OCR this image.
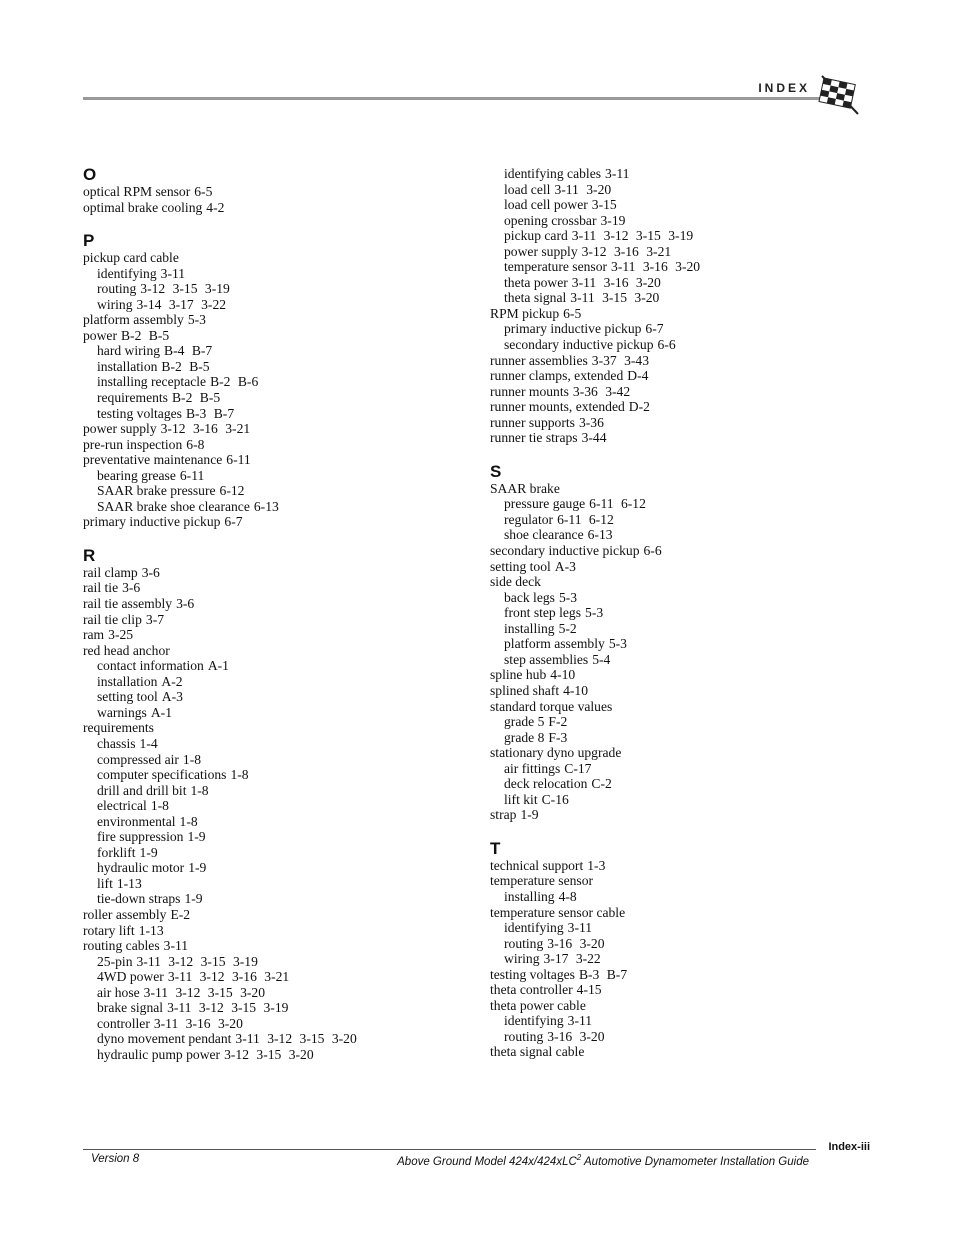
INDEX
O
optical RPM sensor 6-5
optimal brake cooling 4-2
P
pickup card cable
identifying 3-11
routing 3-12 3-15 3-19
wiring 3-14 3-17 3-22
platform assembly 5-3
power B-2 B-5
hard wiring B-4 B-7
installation B-2 B-5
installing receptacle B-2 B-6
requirements B-2 B-5
testing voltages B-3 B-7
power supply 3-12 3-16 3-21
pre-run inspection 6-8
preventative maintenance 6-11
bearing grease 6-11
SAAR brake pressure 6-12
SAAR brake shoe clearance 6-13
primary inductive pickup 6-7
R
rail clamp 3-6
rail tie 3-6
rail tie assembly 3-6
rail tie clip 3-7
ram 3-25
red head anchor
contact information A-1
installation A-2
setting tool A-3
warnings A-1
requirements
chassis 1-4
compressed air 1-8
computer specifications 1-8
drill and drill bit 1-8
electrical 1-8
environmental 1-8
fire suppression 1-9
forklift 1-9
hydraulic motor 1-9
lift 1-13
tie-down straps 1-9
roller assembly E-2
rotary lift 1-13
routing cables 3-11
25-pin 3-11 3-12 3-15 3-19
4WD power 3-11 3-12 3-16 3-21
air hose 3-11 3-12 3-15 3-20
brake signal 3-11 3-12 3-15 3-19
controller 3-11 3-16 3-20
dyno movement pendant 3-11 3-12 3-15 3-20
hydraulic pump power 3-12 3-15 3-20
identifying cables 3-11
load cell 3-11 3-20
load cell power 3-15
opening crossbar 3-19
pickup card 3-11 3-12 3-15 3-19
power supply 3-12 3-16 3-21
temperature sensor 3-11 3-16 3-20
theta power 3-11 3-16 3-20
theta signal 3-11 3-15 3-20
RPM pickup 6-5
primary inductive pickup 6-7
secondary inductive pickup 6-6
runner assemblies 3-37 3-43
runner clamps, extended D-4
runner mounts 3-36 3-42
runner mounts, extended D-2
runner supports 3-36
runner tie straps 3-44
S
SAAR brake
pressure gauge 6-11 6-12
regulator 6-11 6-12
shoe clearance 6-13
secondary inductive pickup 6-6
setting tool A-3
side deck
back legs 5-3
front step legs 5-3
installing 5-2
platform assembly 5-3
step assemblies 5-4
spline hub 4-10
splined shaft 4-10
standard torque values
grade 5 F-2
grade 8 F-3
stationary dyno upgrade
air fittings C-17
deck relocation C-2
lift kit C-16
strap 1-9
T
technical support 1-3
temperature sensor
installing 4-8
temperature sensor cable
identifying 3-11
routing 3-16 3-20
wiring 3-17 3-22
testing voltages B-3 B-7
theta controller 4-15
theta power cable
identifying 3-11
routing 3-16 3-20
theta signal cable
Index-iii
Version 8	Above Ground Model 424x/424xLC$^2$ Automotive Dynamometer Installation Guide
